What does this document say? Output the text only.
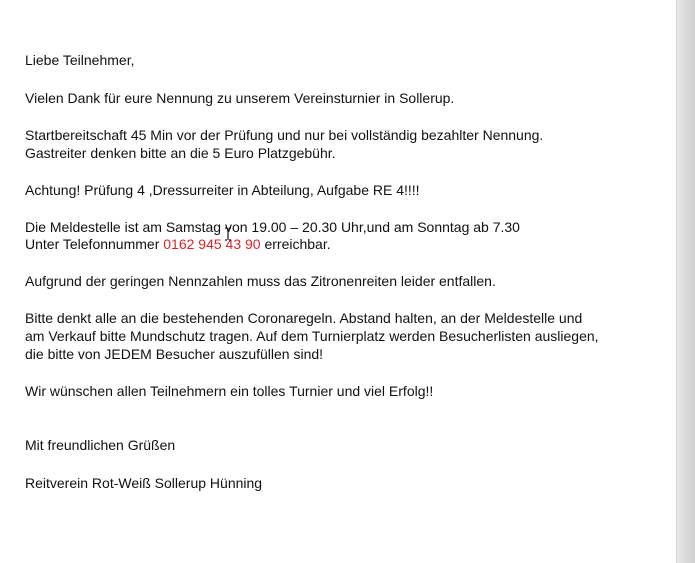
Liebe Teilnehmer,

Vielen Dank für eure Nennung zu unserem Vereinsturnier in Sollerup.

Startbereitschaft 45 Min vor der Prüfung und nur bei vollständig bezahlter Nennung.

Gastreiter denken bitte an die 5 Euro Platzgebühr.

Achtung! Prüfung 4 ,Dressurreiter in Abteilung, Aufgabe RE 4!!!!

Die Meldestelle ist am Samstag von 19.00 – 20.30 Uhr,und am Sonntag ab 7.30

Unter Telefonnummer 0162 945 43 90 erreichbar.

Aufgrund der geringen Nennzahlen muss das Zitronenreiten leider entfallen.

Bitte denkt alle an die bestehenden Coronaregeln. Abstand halten, an der Meldestelle und

am Verkauf bitte Mundschutz tragen. Auf dem Turnierplatz werden Besucherlisten ausliegen,

die bitte von JEDEM Besucher auszufüllen sind!

Wir wünschen allen Teilnehmern ein tolles Turnier und viel Erfolg!!

Mit freundlichen Grüßen

Reitverein Rot-Weiß Sollerup Hünning
